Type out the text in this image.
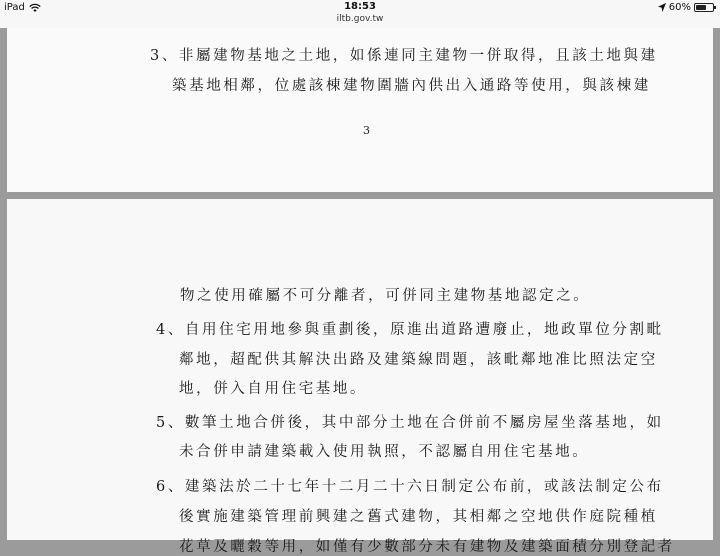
iPad	18:53
iltb.gov.tw
60%
3、非屬建物基地之土地，如係連同主建物一併取得，且該土地與建
築基地相鄰，位處該棟建物圍牆內供出入通路等使用，與該棟建
3
物之使用確屬不可分離者，可併同主建物基地認定之。
4、自用住宅用地參與重劃後，原進出道路遭廢止，地政單位分割毗
鄰地，超配供其解決出路及建築線問題，該毗鄰地准比照法定空
地，併入自用住宅基地。
5、數筆土地合併後，其中部分土地在合併前不屬房屋坐落基地，如
未合併申請建築載入使用執照，不認屬自用住宅基地。
6、建築法於二十七年十二月二十六日制定公布前，或該法制定公布
後實施建築管理前興建之舊式建物，其相鄰之空地供作庭院種植
花草及曬穀等用，如僅有少數部分未有建物及建築面積分別登記者
